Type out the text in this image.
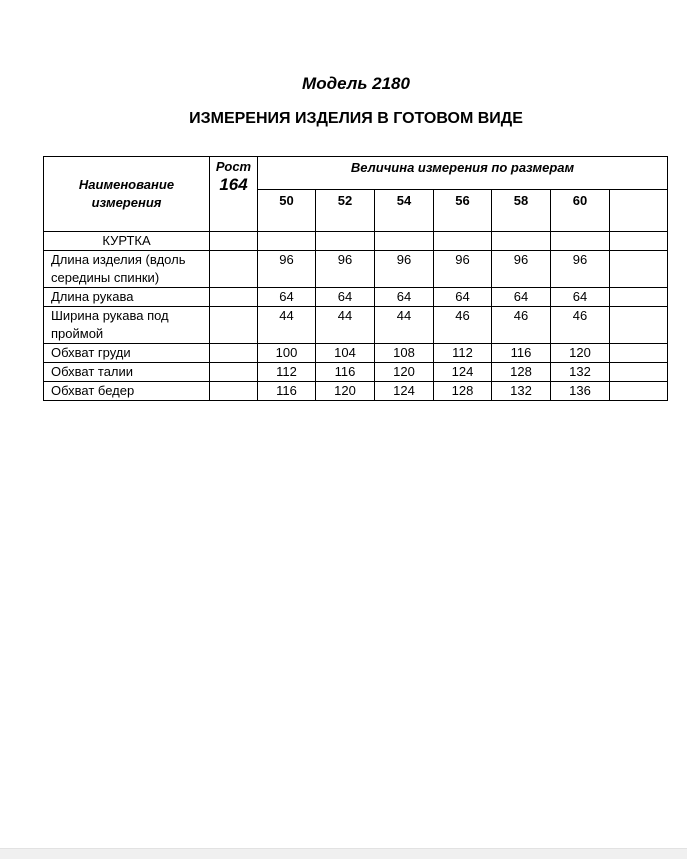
Модель 2180
ИЗМЕРЕНИЯ ИЗДЕЛИЯ В ГОТОВОМ ВИДЕ
Наименование измерения	Рост
164	Величина измерения по размерам						
		50	52	54	56	58	60	
КУРТКА								
Длина изделия (вдоль середины спинки)		96	96	96	96	96	96	
Длина рукава		64	64	64	64	64	64	
Ширина рукава под проймой		44	44	44	46	46	46	
Обхват груди		100	104	108	112	116	120	
Обхват талии		112	116	120	124	128	132	
Обхват бедер		116	120	124	128	132	136	
